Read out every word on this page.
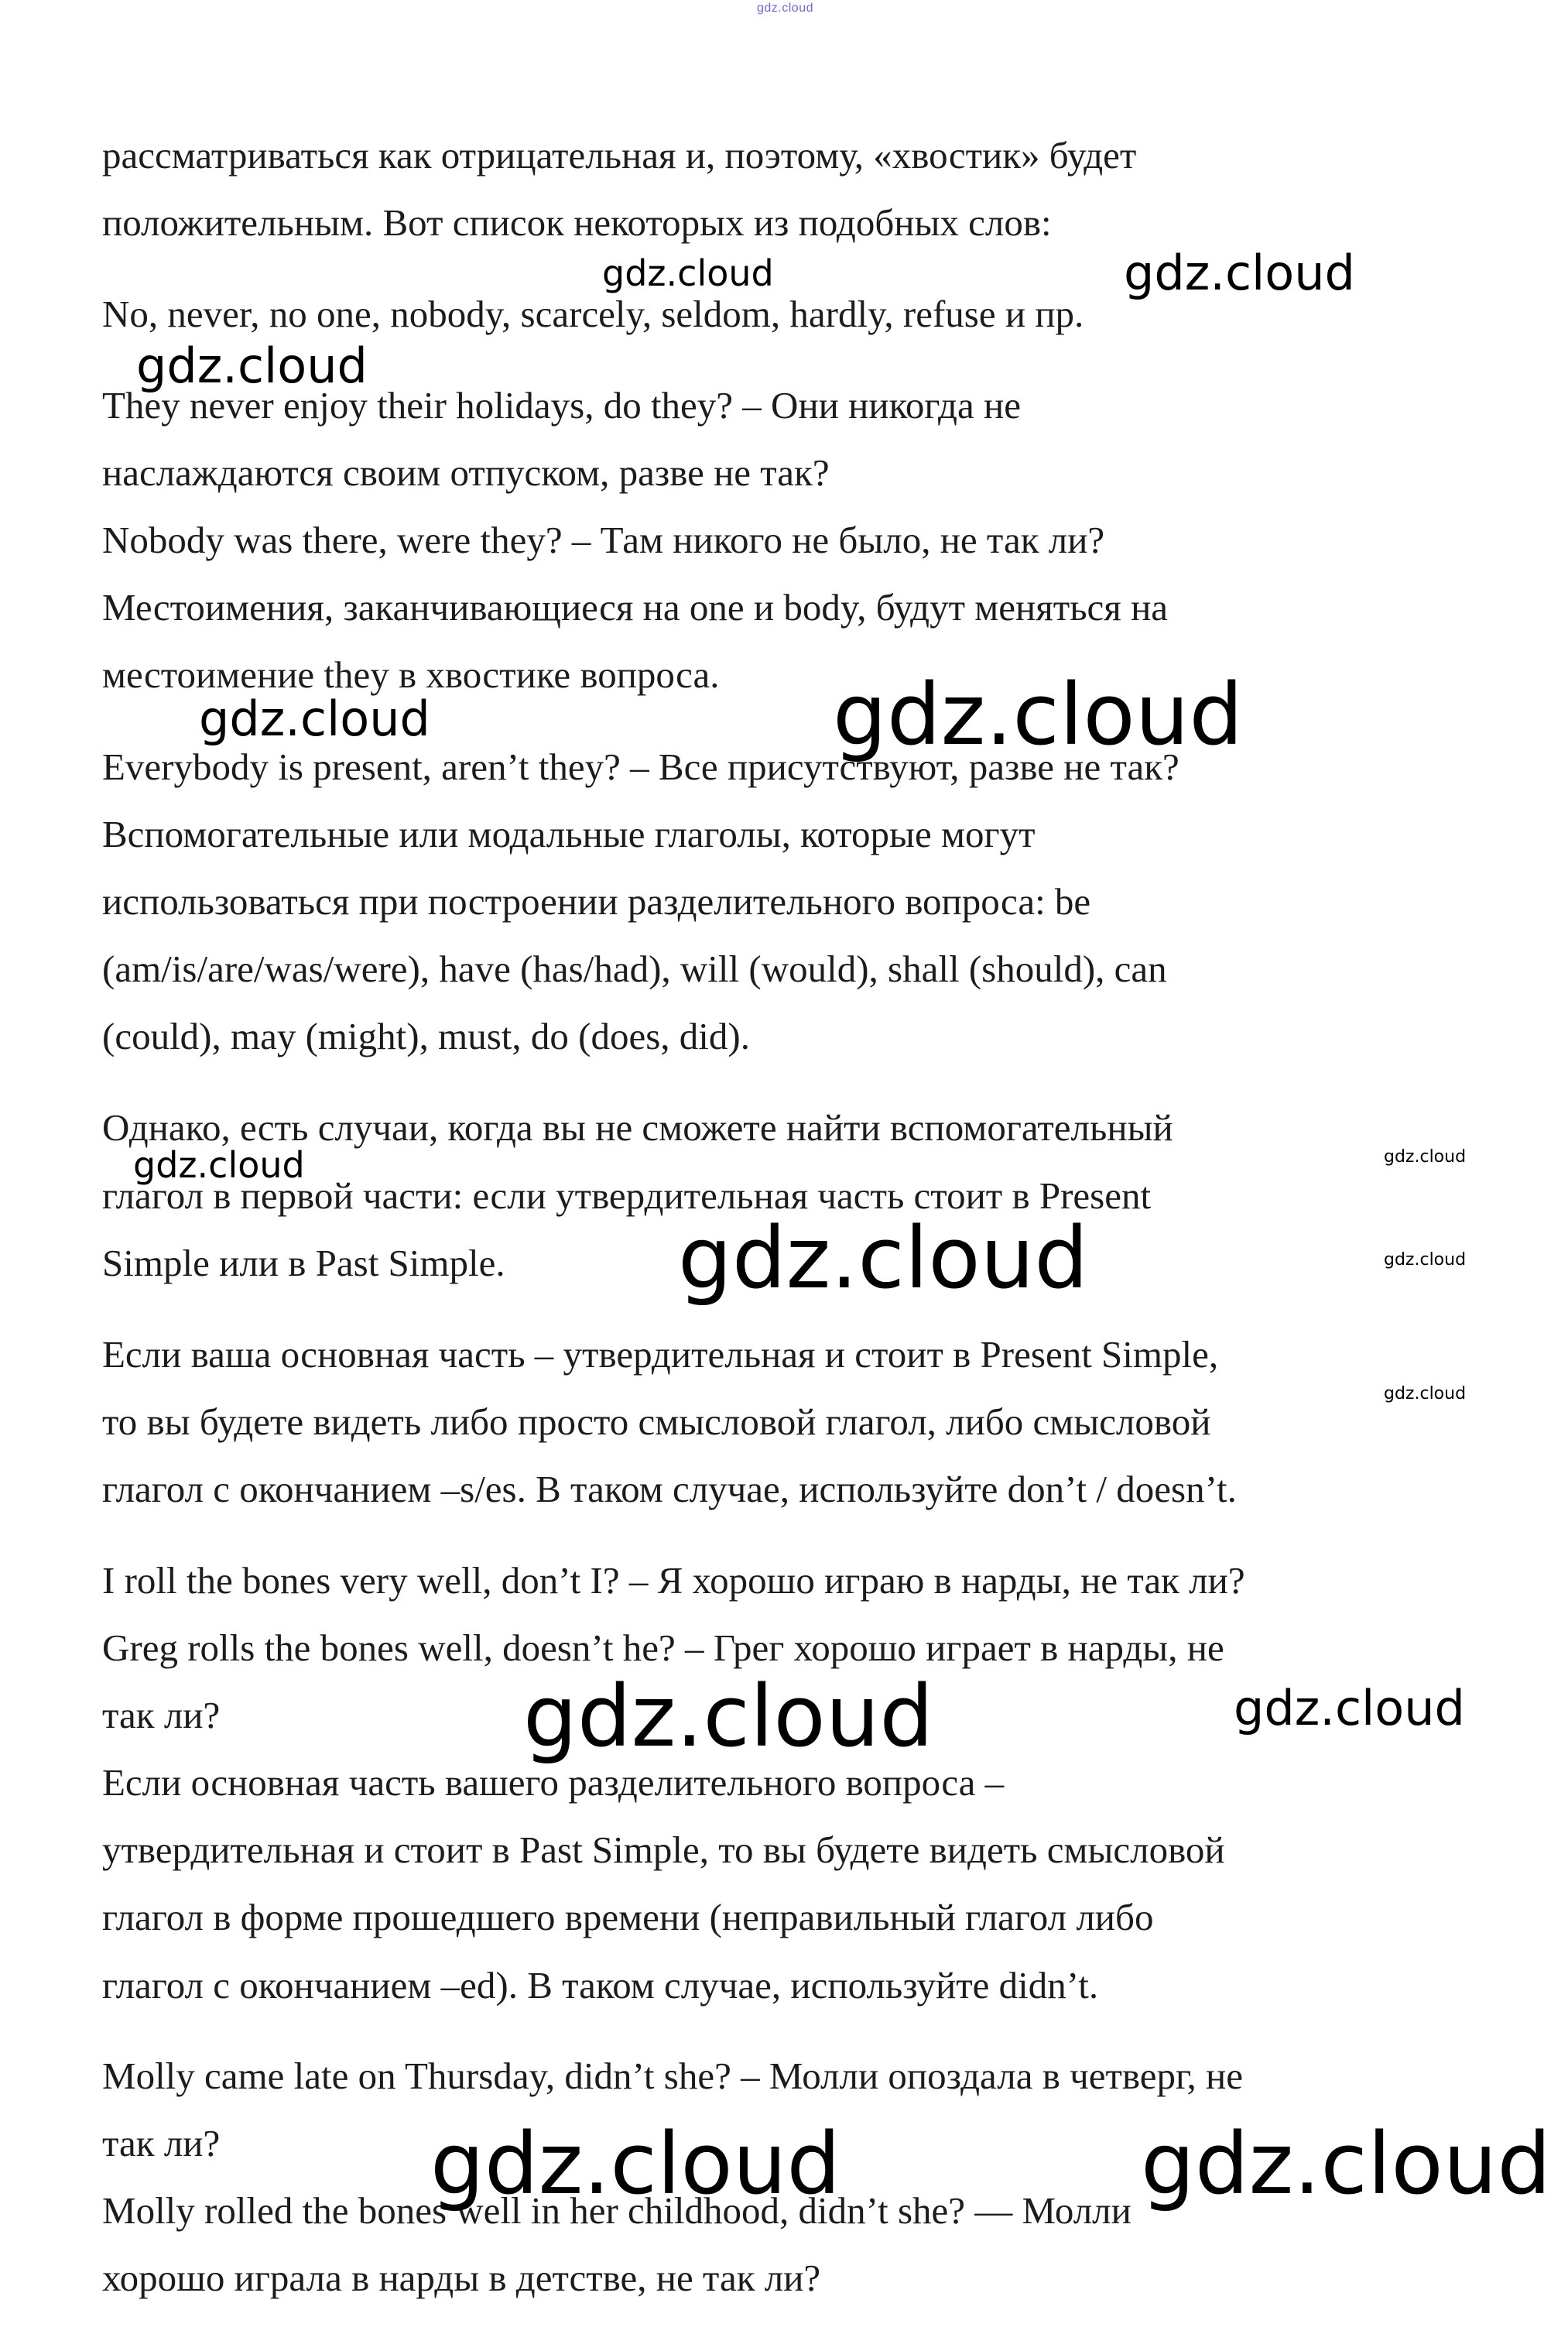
gdz.cloud
рассматриваться как отрицательная и, поэтому, «хвостик» будет
положительным. Вот список некоторых из подобных слов:
No, never, no one, nobody, scarcely, seldom, hardly, refuse и пр.
They never enjoy their holidays, do they? – Они никогда не
наслаждаются своим отпуском, разве не так?
Nobody was there, were they? – Там никого не было, не так ли?
Местоимения, заканчивающиеся на one и body, будут меняться на
местоимение they в хвостике вопроса.
Everybody is present, aren’t they? – Все присутствуют, разве не так?
Вспомогательные или модальные глаголы, которые могут
использоваться при построении разделительного вопроса: be
(am/is/are/was/were), have (has/had), will (would), shall (should), can
(could), may (might), must, do (does, did).
Однако, есть случаи, когда вы не сможете найти вспомогательный
глагол в первой части: если утвердительная часть стоит в Present
Simple или в Past Simple.
Если ваша основная часть – утвердительная и стоит в Present Simple,
то вы будете видеть либо просто смысловой глагол, либо смысловой
глагол с окончанием –s/es. В таком случае, используйте don’t / doesn’t.
I roll the bones very well, don’t I? – Я хорошо играю в нарды, не так ли?
Greg rolls the bones well, doesn’t he? – Грег хорошо играет в нарды, не
так ли?
Если основная часть вашего разделительного вопроса –
утвердительная и стоит в Past Simple, то вы будете видеть смысловой
глагол в форме прошедшего времени (неправильный глагол либо
глагол с окончанием –ed). В таком случае, используйте didn’t.
Molly came late on Thursday, didn’t she? – Молли опоздала в четверг, не
так ли?
Molly rolled the bones well in her childhood, didn’t she? — Молли
хорошо играла в нарды в детстве, не так ли?
gdz.cloud	gdz.cloud
gdz.cloud
gdz.cloud	gdz.cloud
gdz.cloud	gdz.cloud
gdz.cloud
gdz.cloud
gdz.cloud
gdz.cloud	gdz.cloud
gdz.cloud	gdz.cloud
